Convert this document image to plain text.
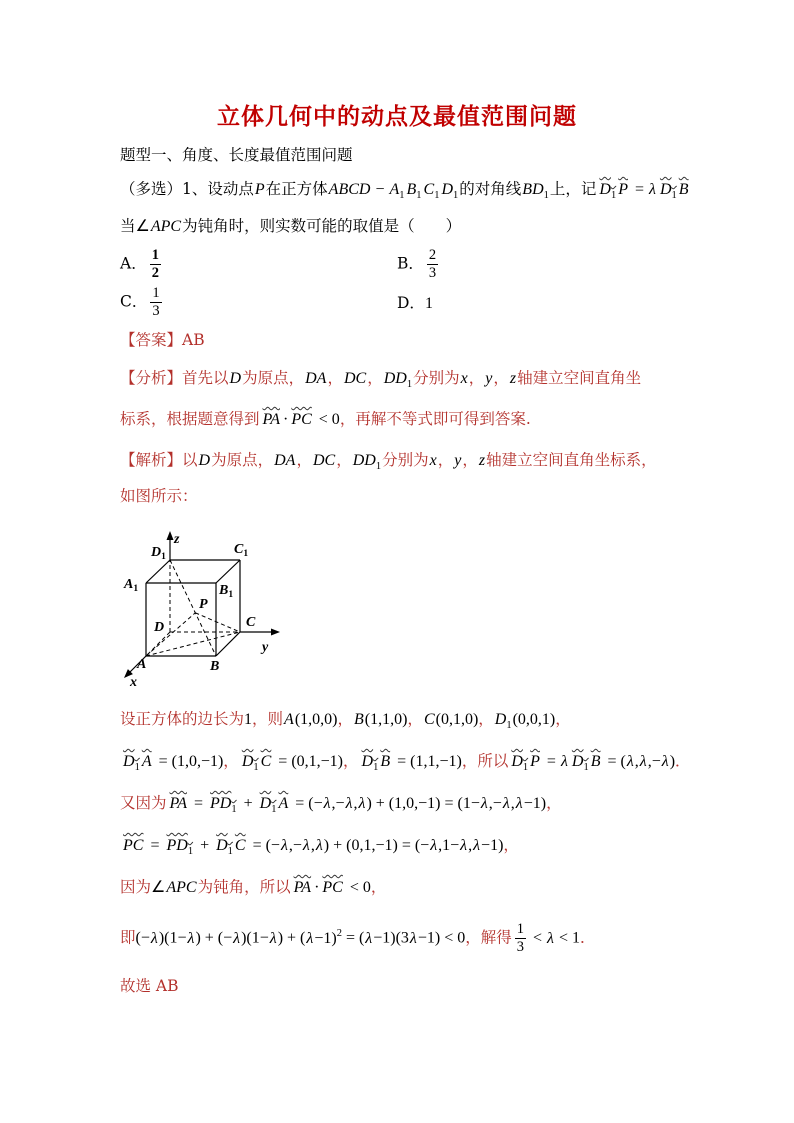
立体几何中的动点及最值范围问题
题型一、角度、长度最值范围问题
（多选）1、设动点P在正方体ABCD − $A_1$ $B_1$ $C_1$ $D_1$的对角线$BD_1$上，记 $D_1$ P = λ $D_1$ B
当∠APC为钝角时，则实数可能的取值是（　　）
A． $\frac{1}{2}$	B． $\frac{2}{3}$
C． $\frac{1}{3}$	D．1
【答案】AB
【分析】首先以D为原点，DA，DC，$DD_1$分别为x，y，z轴建立空间直角坐
标系，根据题意得到 PA · PC < 0，再解不等式即可得到答案.
【解析】以D为原点，DA，DC，$DD_1$分别为x，y，z轴建立空间直角坐标系，
如图所示：
$D_1$
z
$C_1$
$A_1$	$B_1$
P
C
D
y
A	B
x
设正方体的边长为1，则A(1,0,0)，B(1,1,0)，C(0,1,0)，$D_1(0,0,1)$，
$D_1$ A = (1,0,−1)， $D_1$ C = (0,1,−1)， $D_1$ B = (1,1,−1)，所以 $D_1$ P = λ $D_1$ B = (λ,λ,−λ)．
又因为 PA = $PD_1 + D_1$ A = (−λ,−λ,λ) + (1,0,−1) = (1−λ,−λ,λ−1)，
PC = $PD_1 + D_1$ C = (−λ,−λ,λ) + (0,1,−1) = (−λ,1−λ,λ−1)，
因为∠APC为钝角，所以 PA · PC < 0，
即$(-\lambda)(1-\lambda) + (-\lambda)(1-\lambda) + (\lambda-1)^2 = (\lambda-1)(3\lambda-1) < 0$，解得 $\frac{1}{3} < \lambda < 1$．
故选 AB
